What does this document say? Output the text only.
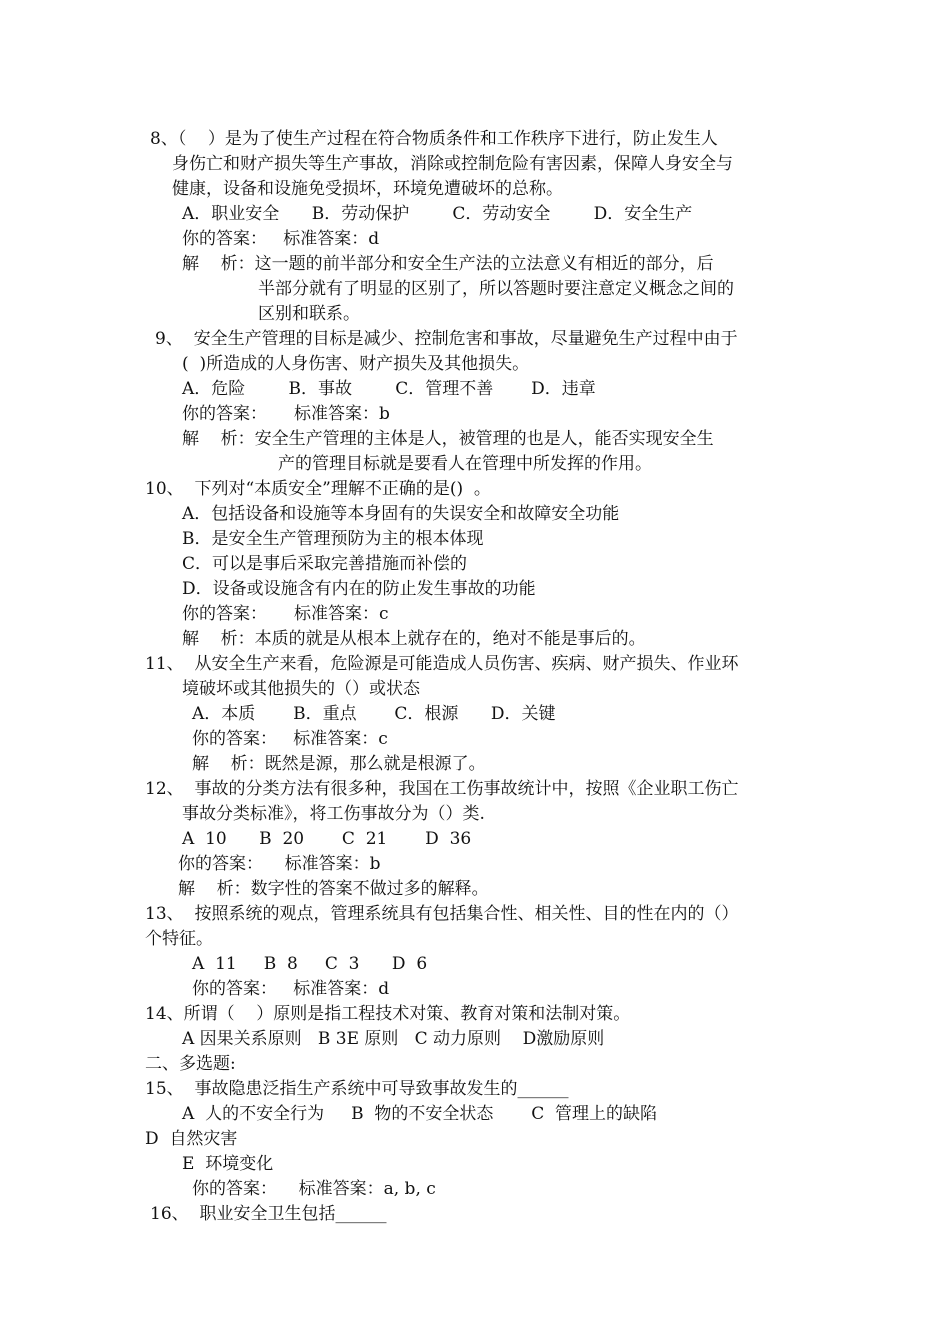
8、（    ）是为了使生产过程在符合物质条件和工作秩序下进行，防止发生人
身伤亡和财产损失等生产事故，消除或控制危险有害因素，保障人身安全与
健康，设备和设施免受损坏，环境免遭破坏的总称。
A．职业安全      B．劳动保护        C．劳动安全        D．安全生产
你的答案：   标准答案：d
解    析：这一题的前半部分和安全生产法的立法意义有相近的部分，后
半部分就有了明显的区别了，所以答题时要注意定义概念之间的
区别和联系。
9、  安全生产管理的目标是减少、控制危害和事故，尽量避免生产过程中由于
(  )所造成的人身伤害、财产损失及其他损失。
A．危险        B．事故        C．管理不善       D．违章
你的答案：     标准答案：b
解    析：安全生产管理的主体是人，被管理的也是人，能否实现安全生
产的管理目标就是要看人在管理中所发挥的作用。
10、  下列对“本质安全”理解不正确的是()  。
A．包括设备和设施等本身固有的失误安全和故障安全功能
B．是安全生产管理预防为主的根本体现
C．可以是事后采取完善措施而补偿的
D．设备或设施含有内在的防止发生事故的功能
你的答案：     标准答案：c
解    析：本质的就是从根本上就存在的，绝对不能是事后的。
11、  从安全生产来看，危险源是可能造成人员伤害、疾病、财产损失、作业环
境破坏或其他损失的（）或状态
A．本质       B．重点       C．根源      D．关键
你的答案：   标准答案：c
解    析：既然是源，那么就是根源了。
12、  事故的分类方法有很多种，我国在工伤事故统计中，按照《企业职工伤亡
事故分类标准》，将工伤事故分为（）类.
A  10      B  20       C  21       D  36
你的答案：    标准答案：b
解    析：数字性的答案不做过多的解释。
13、  按照系统的观点，管理系统具有包括集合性、相关性、目的性在内的（）
个特征。
A  11     B  8     C  3      D  6
你的答案：   标准答案：d
14、所谓（    ）原则是指工程技术对策、教育对策和法制对策。
A 因果关系原则   B 3E 原则   C 动力原则    D激励原则
二、多选题:
15、  事故隐患泛指生产系统中可导致事故发生的______
A  人的不安全行为     B  物的不安全状态       C  管理上的缺陷
D  自然灾害
E  环境变化
你的答案：    标准答案：a, b, c
16、  职业安全卫生包括______
